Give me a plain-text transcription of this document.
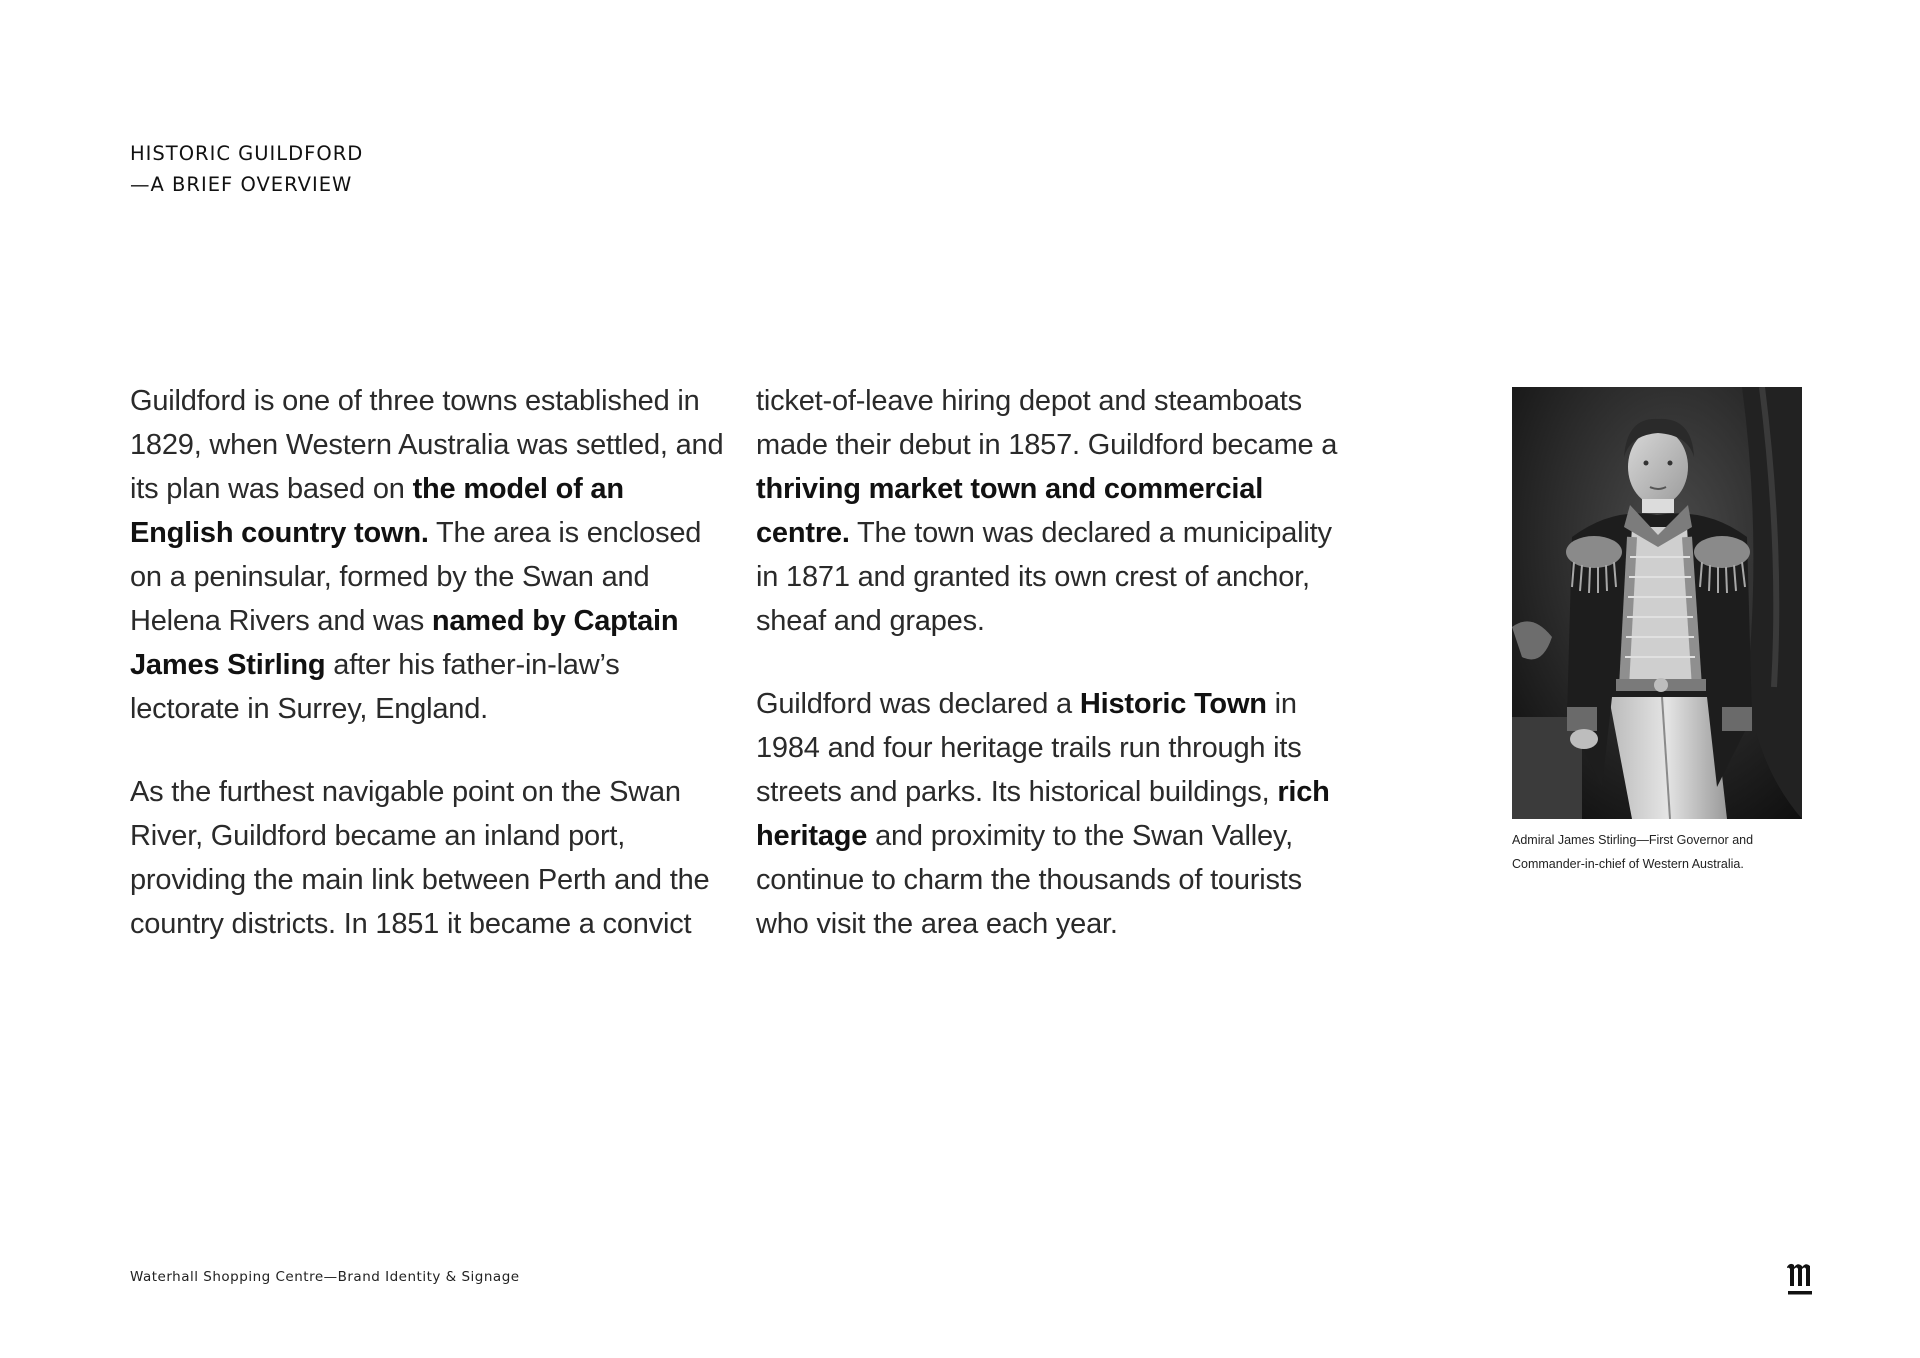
HISTORIC GUILDFORD
—A BRIEF OVERVIEW

Guildford is one of three towns established in 1829, when Western Australia was settled, and its plan was based on the model of an English country town. The area is enclosed on a peninsular, formed by the Swan and Helena Rivers and was named by Captain James Stirling after his father-in-law’s lectorate in Surrey, England.

As the furthest navigable point on the Swan River, Guildford became an inland port, providing the main link between Perth and the country districts. In 1851 it became a convict

ticket-of-leave hiring depot and steamboats made their debut in 1857. Guildford became a thriving market town and commercial centre. The town was declared a municipality in 1871 and granted its own crest of anchor, sheaf and grapes.

Guildford was declared a Historic Town in 1984 and four heritage trails run through its streets and parks. Its historical buildings, rich heritage and proximity to the Swan Valley, continue to charm the thousands of tourists who visit the area each year.

Admiral James Stirling—First Governor and
Commander-in-chief of Western Australia.
Waterhall Shopping Centre—Brand Identity & Signage
